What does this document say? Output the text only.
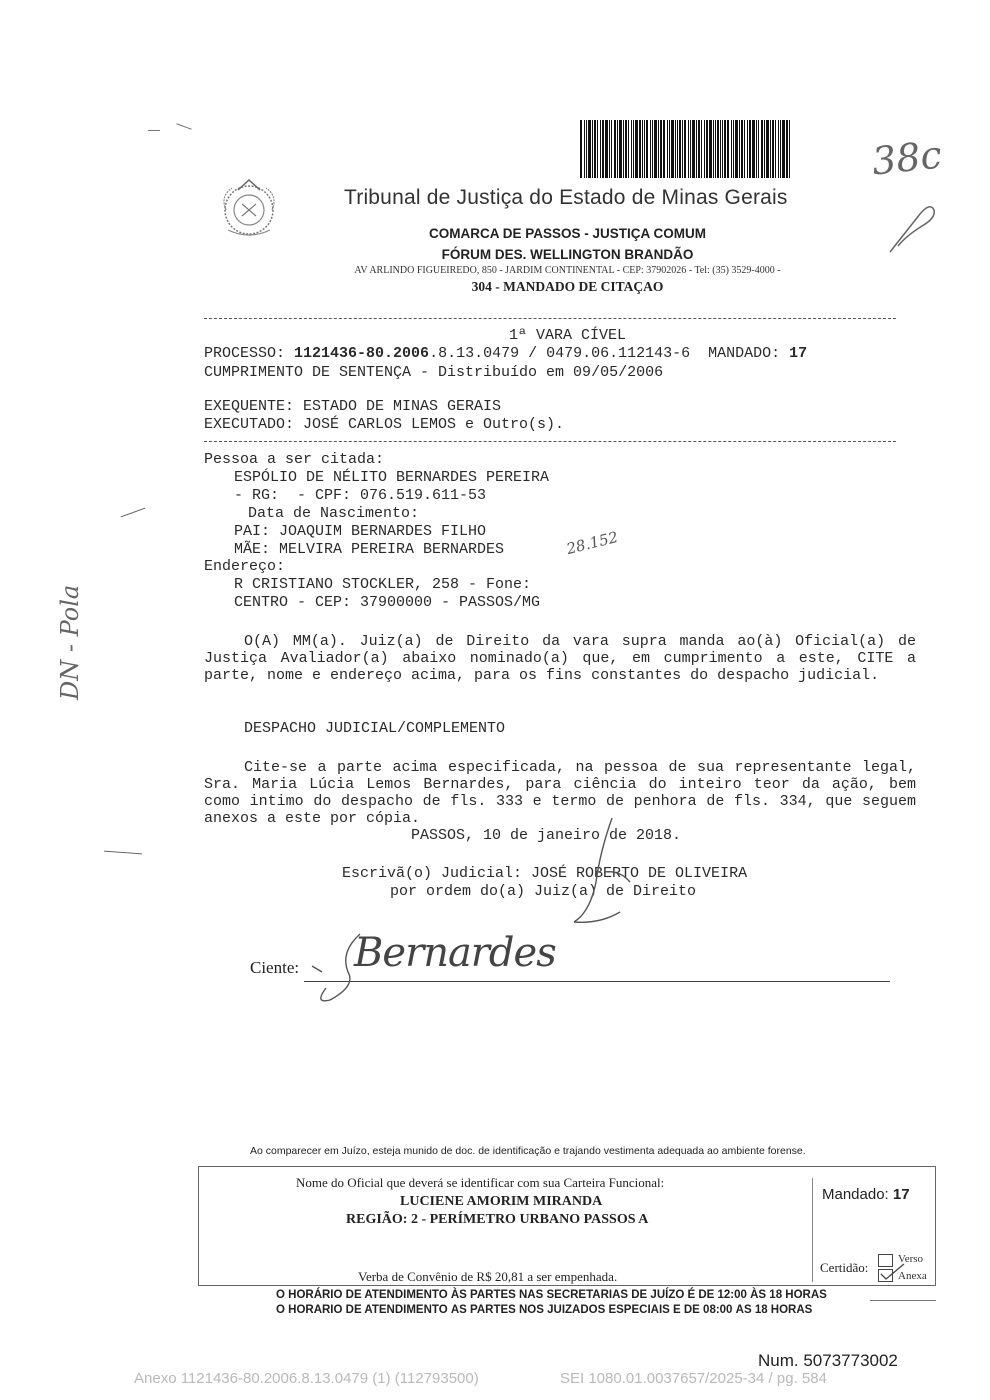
38c
DN - Pola
Tribunal de Justiça do Estado de Minas Gerais
COMARCA DE PASSOS - JUSTIÇA COMUM
FÓRUM DES. WELLINGTON BRANDÃO
AV ARLINDO FIGUEIREDO, 850 - JARDIM CONTINENTAL - CEP: 37902026 - Tel: (35) 3529-4000 -
304 - MANDADO DE CITAÇAO
1ª VARA CÍVEL
PROCESSO: 1121436-80.2006.8.13.0479 / 0479.06.112143-6 MANDADO: 17
CUMPRIMENTO DE SENTENÇA - Distribuído em 09/05/2006
EXEQUENTE: ESTADO DE MINAS GERAIS
EXECUTADO: JOSÉ CARLOS LEMOS e Outro(s).
Pessoa a ser citada:
ESPÓLIO DE NÉLITO BERNARDES PEREIRA
- RG:  - CPF: 076.519.611-53
Data de Nascimento:
PAI: JOAQUIM BERNARDES FILHO
MÃE: MELVIRA PEREIRA BERNARDES	28.152
Endereço:
R CRISTIANO STOCKLER, 258 - Fone:
CENTRO - CEP: 37900000 - PASSOS/MG
O(A) MM(a). Juiz(a) de Direito da vara supra manda ao(à) Oficial(a) de Justiça Avaliador(a) abaixo nominado(a) que, em cumprimento a este, CITE a parte, nome e endereço acima, para os fins constantes do despacho judicial.
DESPACHO JUDICIAL/COMPLEMENTO
Cite-se a parte acima especificada, na pessoa de sua representante legal, Sra. Maria Lúcia Lemos Bernardes, para ciência do inteiro teor da ação, bem como intimo do despacho de fls. 333 e termo de penhora de fls. 334, que seguem anexos a este por cópia.
PASSOS, 10 de janeiro de 2018.
Escrivã(o) Judicial: JOSÉ ROBERTO DE OLIVEIRA
por ordem do(a) Juiz(a) de Direito
Ciente: Bernardes
Ao comparecer em Juízo, esteja munido de doc. de identificação e trajando vestimenta adequada ao ambiente forense.
Nome do Oficial que deverá se identificar com sua Carteira Funcional:
LUCIENE AMORIM MIRANDA
REGIÃO: 2 - PERÍMETRO URBANO PASSOS A
Mandado: 17
Verba de Convênio de R$ 20,81 a ser empenhada.
Certidão:
Verso
Anexa
O HORÁRIO DE ATENDIMENTO ÀS PARTES NAS SECRETARIAS DE JUÍZO É DE 12:00 ÀS 18 HORAS
O HORÁRIO DE ATENDIMENTO ÀS PARTES NOS JUIZADOS ESPECIAIS É DE 08:00 ÀS 18 HORAS
Num. 5073773002
Anexo 1121436-80.2006.8.13.0479 (1) (112793500)	SEI 1080.01.0037657/2025-34 / pg. 584
